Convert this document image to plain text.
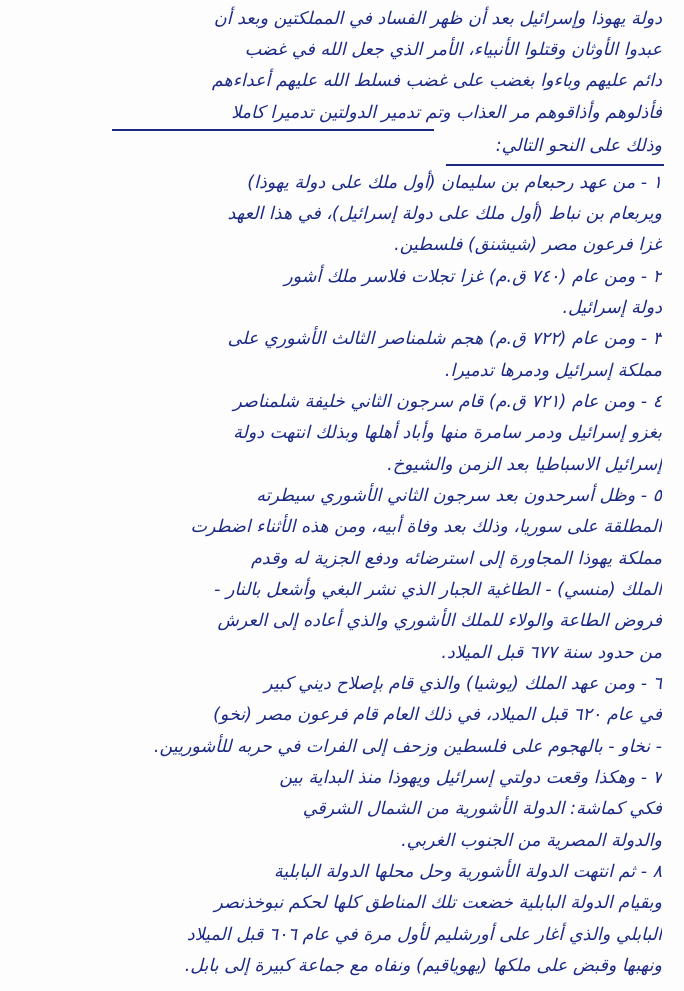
دولة يهوذا وإسرائيل بعد أن ظهر الفساد في المملكتين وبعد أن
عبدوا الأوثان وقتلوا الأنبياء، الأمر الذي جعل الله في غضب
دائم عليهم وباءوا بغضب على غضب فسلط الله عليهم أعداءهم
فأذلوهم وأذاقوهم مر العذاب وتم تدمير الدولتين تدميرا كاملا
وذلك على النحو التالي:
١ - من عهد رحبعام بن سليمان (أول ملك على دولة يهوذا)
ويربعام بن نباط (أول ملك على دولة إسرائيل)، في هذا العهد
غزا فرعون مصر (شيشنق) فلسطين.
٢ - ومن عام (٧٤٠ ق.م) غزا تجلات فلاسر ملك أشور
دولة إسرائيل.
٣ - ومن عام (٧٢٢ ق.م) هجم شلمناصر الثالث الأشوري على
مملكة إسرائيل ودمرها تدميرا.
٤ - ومن عام (٧٢١ ق.م) قام سرجون الثاني خليفة شلمناصر
بغزو إسرائيل ودمر سامرة منها وأباد أهلها وبذلك انتهت دولة
إسرائيل الاسباطيا بعد الزمن والشيوخ.
٥ - وظل أسرحدون بعد سرجون الثاني الأشوري سيطرته
المطلقة على سوريا، وذلك بعد وفاة أبيه، ومن هذه الأثناء اضطرت
مملكة يهوذا المجاورة إلى استرضائه ودفع الجزية له وقدم
الملك (منسي) - الطاغية الجبار الذي نشر البغي وأشعل بالنار -
فروض الطاعة والولاء للملك الأشوري والذي أعاده إلى العرش
من حدود سنة ٦٧٧ قبل الميلاد.
٦ - ومن عهد الملك (يوشيا) والذي قام بإصلاح ديني كبير
في عام ٦٢٠ قبل الميلاد، في ذلك العام قام فرعون مصر (نخو)
- نخاو - بالهجوم على فلسطين وزحف إلى الفرات في حربه للأشوريين.
٧ - وهكذا وقعت دولتي إسرائيل ويهوذا منذ البداية بين
فكي كماشة: الدولة الأشورية من الشمال الشرقي
والدولة المصرية من الجنوب الغربي.
٨ - ثم انتهت الدولة الأشورية وحل محلها الدولة البابلية
وبقيام الدولة البابلية خضعت تلك المناطق كلها لحكم نبوخذنصر
البابلي والذي أغار على أورشليم لأول مرة في عام ٦٠٦ قبل الميلاد
ونهبها وقبض على ملكها (يهوياقيم) ونفاه مع جماعة كبيرة إلى بابل.
